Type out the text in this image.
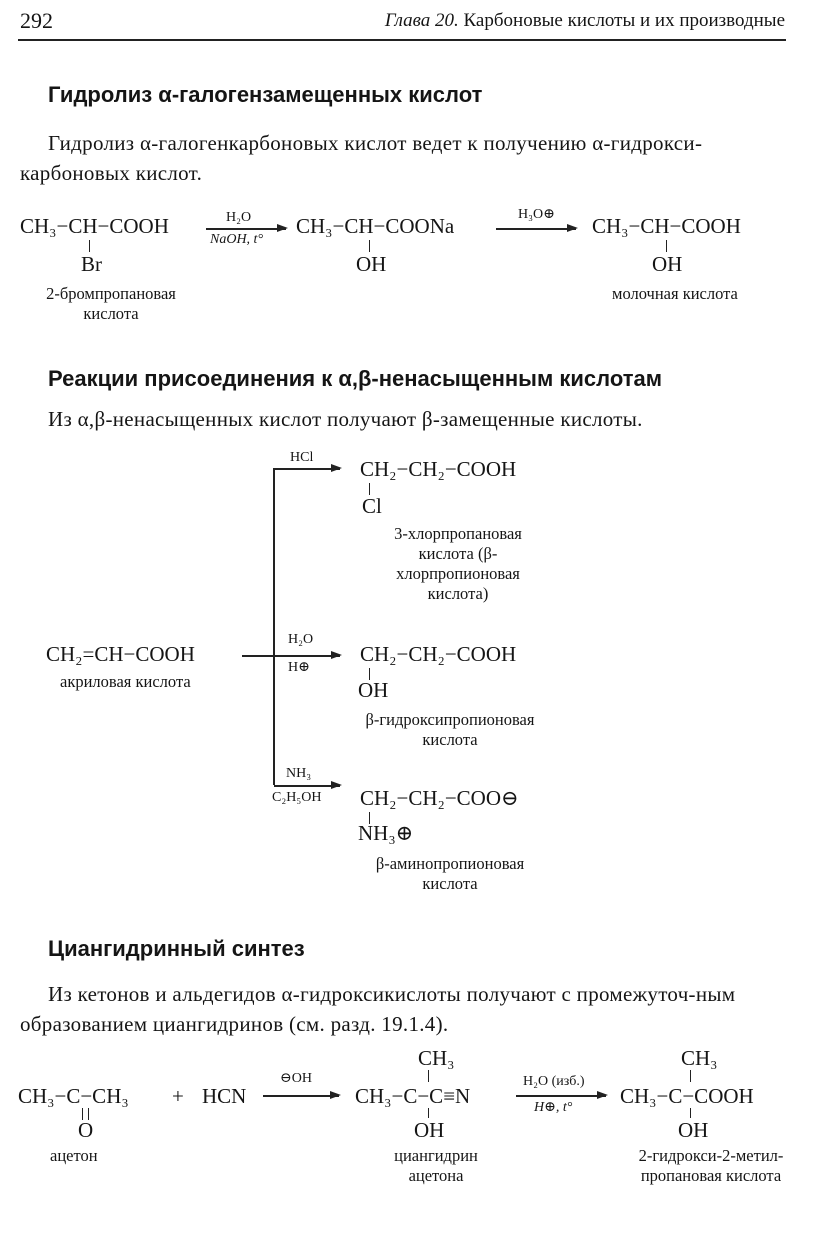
292	Глава 20. Карбоновые кислоты и их производные
Гидролиз α-галогензамещенных кислот
Гидролиз α-галогенкарбоновых кислот ведет к получению α-гидрокси-карбоновых кислот.
CH₃−CH−COOH
Br
2-бромпропановая кислота
H₂O
NaOH, t°
CH₃−CH−COONa
OH
H₃O⊕ CH₃−CH−COOH
OH
молочная кислота
Реакции присоединения к α,β-ненасыщенным кислотам
Из α,β-ненасыщенных кислот получают β-замещенные кислоты.
CH₂=CH−COOH
акриловая кислота
HCl CH₂−CH₂−COOH
Cl
3-хлорпропановая кислота (β-хлорпропионовая кислота)
H₂O
H⊕
CH₂−CH₂−COOH
OH
β-гидроксипропионовая кислота
NH₃
C₂H₅OH CH₂−CH₂−COO⊖
NH₃⊕
β-аминопропионовая кислота
Циангидринный синтез
Из кетонов и альдегидов α-гидроксикислоты получают с промежуточ-ным образованием циангидринов (см. разд. 19.1.4).
CH₃−C−CH₃
O
ацетон
+ HCN
⊖OH
CH₃
CH₃−C−C≡N
OH
циангидрин ацетона
H₂O (изб.)
H⊕, t°
CH₃
CH₃−C−COOH
OH
2-гидрокси-2-метил-пропановая кислота
